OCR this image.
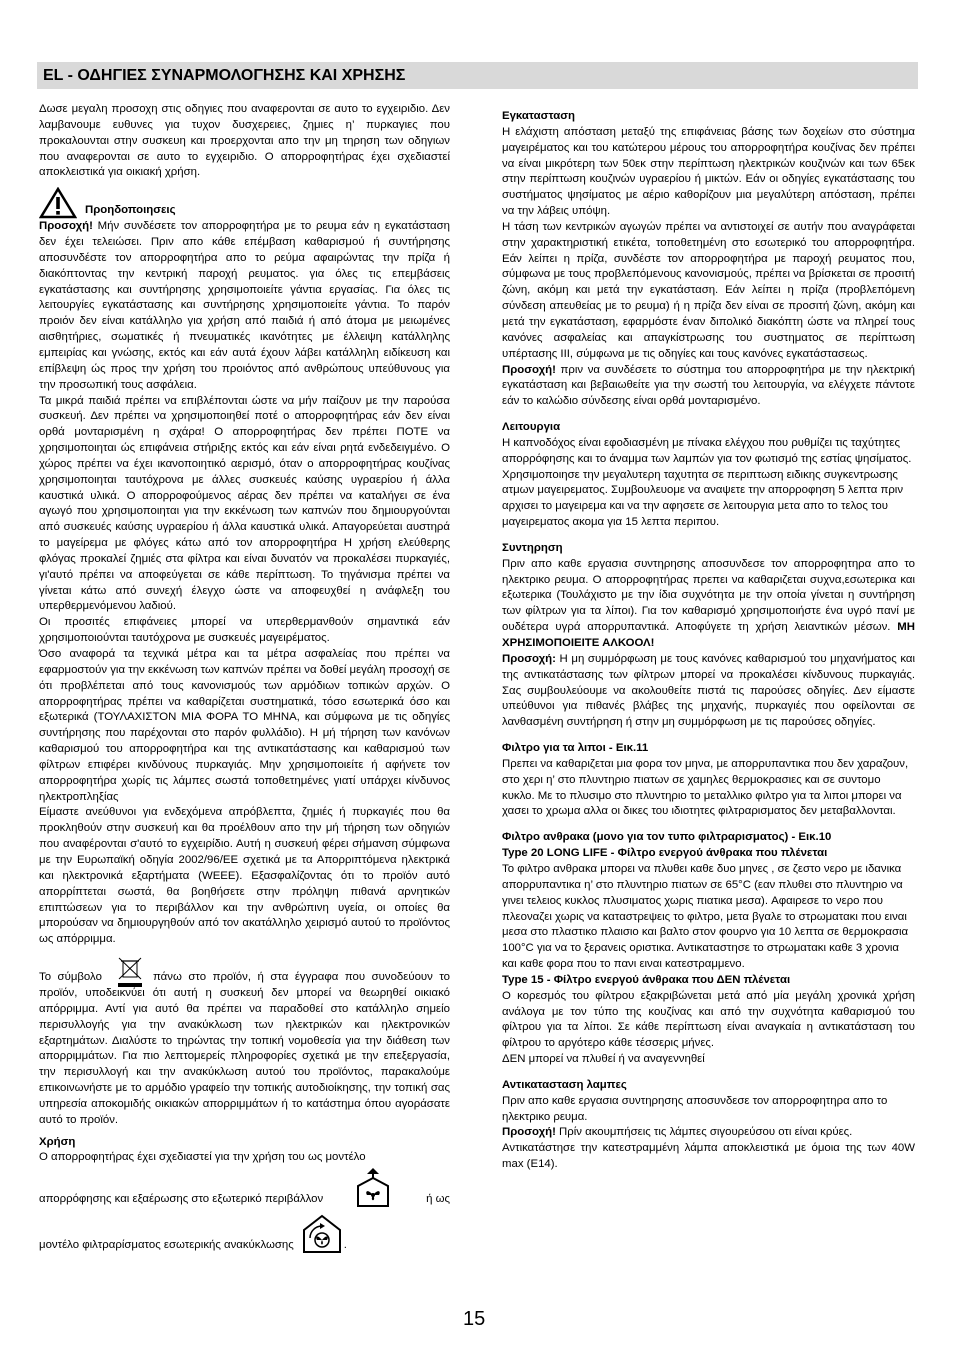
EL - ΟΔΗΓΙΕΣ ΣΥΝΑΡΜΟΛΟΓΗΣΗΣ ΚΑΙ ΧΡΗΣΗΣ

Δωσε μεγαλη προσοχη στις οδηγιες που αναφερονται σε αυτο το εγχειριδιο. Δεν λαμβανουμε ευθυνες για τυχον δυσχερειες, ζημιες η’ πυρκαγιες που προκαλουνται στην συσκευη και προερχονται απο την μη τηρηση των οδηγιων που αναφερονται σε αυτο το εγχειριδιο. Ο απορροφητήρας έχει σχεδιαστεί αποκλειστικά για οικιακή χρήση.

Προηδοποιησεις

Προσοχή! Μήν συνδέσετε τον απορροφητήρα με το ρευμα εάν η εγκατάσταση δεν έχει τελειώσει. Πριν απο κάθε επέμβαση καθαρισμού ή συντήρησης αποσυνδέστε τον απορροφητήρα απο το ρεύμα αφαιρώντας την πρίζα ή διακόπτοντας την κεντρική παροχή ρευματος. για όλες τις επεμβάσεις εγκατάστασης και συντήρησης χρησιμοποιείτε γάντια εργασίας. Για όλες τις λειτουργίες εγκατάστασης και συντήρησης χρησιμοποιείτε γάντια. Το παρόν προιόν δεν είναι κατάλληλο για χρήση από παιδιά ή από άτομα με μειωμένες αισθητήριες, σωματικές ή πνευματικές ικανότητες με έλλειψη κατάλληλης εμπειρίας και γνώσης, εκτός και εάν αυτά έχουν λάβει κατάλληλη ειδίκευση και επίβλεψη ώς προς την χρήση του προιόντος από ανθρώπους υπεύθυνους για την προσωπική τους ασφάλεια.

Τα μικρά παιδιά πρέπει να επιβλέπονται ώστε να μήν παίζουν με την παρούσα συσκευή. Δεν πρέπει να χρησιμοποιηθεί ποτέ ο απορροφητήρας εάν δεν είναι ορθά μονταρισμένη η σχάρα! Ο απορροφητήρας δεν πρέπει ΠΟΤΕ να χρησιμοποιηται ώς επιφάνεια στήριξης εκτός και εάν είναι ρητά ενδεδειγμένο. Ο χώρος πρέπει να έχει ικανοποιητικό αερισμό, όταν ο απορροφητήρας κουζίνας χρησιμοποιηται ταυτόχρονα με άλλες συσκευές καύσης υγραερίου ή άλλα καυστικά υλικά. Ο απορροφούμενος αέρας δεν πρέπει να καταλήγει σε ένα αγωγό που χρησιμοποιηται για την εκκένωση των καπνών που δημιουργούνται από συσκευές καύσης υγραερίου ή άλλα καυστικά υλικά. Απαγορεύεται αυστηρά το μαγείρεμα με φλόγες κάτω από τον απορροφητήρα Η χρήση ελεύθερης φλόγας προκαλεί ζημιές στα φίλτρα και είναι δυνατόν να προκαλέσει πυρκαγιές, γι'αυτό πρέπει να αποφεύγεται σε κάθε περίπτωση. Το τηγάνισμα πρέπει να γίνεται κάτω από συνεχή έλεγχο ώστε να αποφευχθεί η ανάφλεξη του υπερθερμενόμενου λαδιού.

Οι προσιτές επιφάνειες μπορεί να υπερθερμανθούν σημαντικά εάν χρησιμοποιούνται ταυτόχρονα με συσκευές μαγειρέματος.

Όσο αναφορά τα τεχνικά μέτρα και τα μέτρα ασφαλείας που πρέπει να εφαρμοστούν για την εκκένωση των καπνών πρέπει να δοθεί μεγάλη προσοχή σε ότι προβλέπεται από τους κανονισμούς των αρμόδιων τοπικών αρχών. Ο απορροφητήρας πρέπει να καθαρίζεται συστηματικά, τόσο εσωτερικά όσο και εξωτερικά (ΤΟΥΛΑΧΙΣΤΟΝ ΜΙΑ ΦΟΡΑ ΤΟ ΜΗΝΑ, και σύμφωνα με τις οδηγίες συντήρησης που παρέχονται στο παρόν φυλλάδιο). Η μή τήρηση των κανόνων καθαρισμού του απορροφητήρα και της αντικατάστασης και καθαρισμού των φίλτρων επιφέρει κινδύνους πυρκαγιάς. Μην χρησιμοποιείτε ή αφήνετε τον απορροφητήρα χωρίς τις λάμπες σωστά τοποθετημένες γιατί υπάρχει κίνδυνος ηλεκτροπληξίας

Είμαστε ανεύθυνοι για ενδεχόμενα απρόβλεπτα, ζημιές ή πυρκαγιές που θα προκληθούν στην συσκευή και θα προέλθουν απο την μή τήρηση των οδηγιών που αναφέρονται σ'αυτό το εγχειρίδιο. Αυτή η συσκευή φέρει σήμανση σύμφωνα με την Ευρωπαϊκή οδηγία 2002/96/ΕΕ σχετικά με τα Απορριπτόμενα ηλεκτρικά και ηλεκτρονικά εξαρτήματα (WEEE). Εξασφαλίζοντας ότι το προϊόν αυτό απορρίπτεται σωστά, θα βοηθήσετε στην πρόληψη πιθανά αρνητικών επιπτώσεων για το περιβάλλον και την ανθρώπινη υγεία, οι οποίες θα μπορούσαν να δημιουργηθούν από τον ακατάλληλο χειρισμό αυτού το προϊόντος ως απόρριμμα.

Το σύμβολο	πάνω στο προϊόν, ή στα έγγραφα που συνοδεύουν το προϊόν, υποδεικνύει ότι αυτή η συσκευή δεν μπορεί να θεωρηθεί οικιακό απόρριμμα. Αντί για αυτό θα πρέπει να παραδοθεί στο κατάλληλο σημείο περισυλλογής για την ανακύκλωση των ηλεκτρικών και ηλεκτρονικών εξαρτημάτων. Διαλύστε το τηρώντας την τοπική νομοθεσία για την διάθεση των απορριμμάτων. Για πιο λεπτομερείς πληροφορίες σχετικά με την επεξεργασία, την περισυλλογή και την ανακύκλωση αυτού του προϊόντος, παρακαλούμε επικοινωνήστε με το αρμόδιο γραφείο την τοπικής αυτοδιοίκησης, την τοπική σας υπηρεσία αποκομιδής οικιακών απορριμμάτων ή το κατάστημα όπου αγοράσατε αυτό το προϊόν.

Χρήση

Ο απορροφητήρας έχει σχεδιαστεί για την χρήση του ως μοντέλο

απορρόφησης και εξαέρωσης στο εξωτερικό περιβάλλον	ή ως

μοντέλο φιλτραρίσματος εσωτερικής ανακύκλωσης	.

Εγκατασταση

Η ελάχιστη απόσταση μεταξύ της επιφάνειας βάσης των δοχείων στο σύστημα μαγειρέματος και του κατώτερου μέρους του απορροφητήρα κουζίνας δεν πρέπει να είναι μικρότερη των 50εκ στην περίπτωση ηλεκτρικών κουζινών και των 65εκ στην περίπτωση κουζινών υγραερίου ή μικτών. Εάν οι οδηγίες εγκατάστασης του συστήματος ψησίματος με αέριο καθορίζουν μια μεγαλύτερη απόσταση, πρέπει να την λάβεις υπόψη.

Η τάση των κεντρικών αγωγών πρέπει να αντιστοιχεί σε αυτήν που αναγράφεται στην χαρακτηριστική ετικέτα, τοποθετημένη στο εσωτερικό του απορροφητήρα. Εάν λείπει η πρίζα, συνδέστε τον απορροφητήρα με παροχή ρευματος που, σύμφωνα με τους προβλεπόμενους κανονισμούς, πρέπει να βρίσκεται σε προσιτή ζώνη, ακόμη και μετά την εγκατάσταση. Εάν λείπει η πρίζα (προβλεπόμενη σύνδεση απευθείας με το ρευμα) ή η πρίζα δεν είναι σε προσιτή ζώνη, ακόμη και μετά την εγκατάσταση, εφαρμόστε έναν διπολικό διακόπτη ώστε να πληρεί τους κανόνες ασφαλείας και απαγκίστρωσης του συστηματος σε περίπτωση υπέρτασης ΙΙΙ, σύμφωνα με τις οδηγίες και τους κανόνες εγκατάστασεως.

Προσοχή! πριν να συνδέσετε το σύστημα του απορροφητήρα με την ηλεκτρική εγκατάσταση και βεβαιωθείτε για την σωστή του λειτουργία, να ελέγχετε πάντοτε εάν το καλώδιο σύνδεσης είναι ορθά μονταρισμένο.

Λειτουργια

Η καπνοδόχος είναι εφοδιασμένη με πίνακα ελέγχου που ρυθμίζει τις ταχύτητες απορρόφησης και το άναμμα των λαμπών για τον φωτισμό της εστίας ψησίματος. Χρησιμοποιησε την μεγαλυτερη ταχυτητα σε περιπτωση ειδικης συγκεντρωσης ατμων μαγειρεματος. Συμβουλευομε να αναψετε την απορροφηση 5 λεπτα πριν αρχισει το μαγειρεμα και να την αφησετε σε λειτουργια μετα απο το τελος του μαγειρεματος ακομα για 15 λεπτα περιπου.

Συντηρηση

Πριν απο καθε εργασια συντηρησης αποσυνδεσε τον απορροφητηρα απο το ηλεκτρικο ρευμα. Ο απορροφητήρας πρεπει να καθαριζεται συχνα,εσωτερικα και εξωτερικα (Τουλάχιστο με την ίδια συχνότητα με την οποία γίνεται η συντήρηση των φίλτρων για τα λίποι). Για τον καθαρισμό χρησιμοποιήστε ένα υγρό πανί με ουδέτερα υγρά απορρυπαντικά. Αποφύγετε τη χρήση λειαντικών μέσων. ΜΗ ΧΡΗΣΙΜΟΠΟΙΕΙΤΕ ΑΛΚΟΟΛ!

Προσοχή: Η μη συμμόρφωση με τους κανόνες καθαρισμού του μηχανήματος και της αντικατάστασης των φίλτρων μπορεί να προκαλέσει κίνδυνους πυρκαγιάς. Σας συμβουλεύουμε να ακολουθείτε πιστά τις παρούσες οδηγίες. Δεν είμαστε υπεύθυνοι για πιθανές βλάβες της μηχανής, πυρκαγιές που οφείλονται σε λανθασμένη συντήρηση ή στην μη συμμόρφωση με τις παρούσες οδηγίες.

Φιλτρο για τα λιποι - Εικ.11

Πρεπει να καθαριζεται μια φορα τον μηνα, με απορρυπαντικα που δεν χαραζουν, στο χερι η’ στο πλυντηριο πιατων σε χαμηλες θερμοκρασιες και σε συντομο κυκλο. Με το πλυσιμο στο πλυντηριο το μεταλλικο φιλτρο για τα λιποι μπορει να χασει το χρωμα αλλα οι δικες του ιδιοτητες φιλτραρισματος δεν μεταβαλλονται.

Φιλτρο ανθρακα (μονο για τον τυπο φιλτραρισματος) - Εικ.10

Type 20 LONG LIFE - Φίλτρο ενεργού άνθρακα που πλένεται

Το φιλτρο ανθρακα μπορει να πλυθει καθε δυο μηνες , σε ζεστο νερο με ιδανικα απορρυπαντικα η’ στο πλυντηριο πιατων σε 65°C (εαν πλυθει στο πλυντηριο να γινει τελειος κυκλος πλυσιματος χωρις πιατικα μεσα). Αφαιρεσε το νερο που πλεοναζει χωρις να καταστρεψεις το φιλτρο, μετα βγαλε το στρωματακι που ειναι μεσα στο πλαστικο πλαισιο και βαλτο στον φουρνο για 10 λεπτα σε θερμοκρασια 100°C για να το ξερανεις οριστικα. Αντικαταστησε το στρωματακι καθε 3 χρονια και καθε φορα που το πανι ειναι κατεστραμμενο.

Type 15 - Φίλτρο ενεργού άνθρακα που ΔΕΝ πλένεται

Ο κορεσμός του φίλτρου εξακριβώνεται μετά από μία μεγάλη χρονικά χρήση ανάλογα με τον τύπο της κουζίνας και από την συχνότητα καθαρισμού του φίλτρου για τα λίποι. Σε κάθε περίπτωση είναι αναγκαία η αντικατάσταση του φίλτρου το αργότερο κάθε τέσσερις μήνες.

ΔΕΝ μπορεί να πλυθεί ή να αναγεννηθεί

Αντικατασταση λαμπες

Πριν απο καθε εργασια συντηρησης αποσυνδεσε τον απορροφητηρα απο το ηλεκτρικο ρευμα.

Προσοχή! Πρίν ακουμπήσεις τις λάμπες σιγουρεύσου οτι είναι κρύες.

Αντικατάστησε την κατεστραμμένη λάμπα αποκλειστικά με όμοια της των 40W max (E14).

15
